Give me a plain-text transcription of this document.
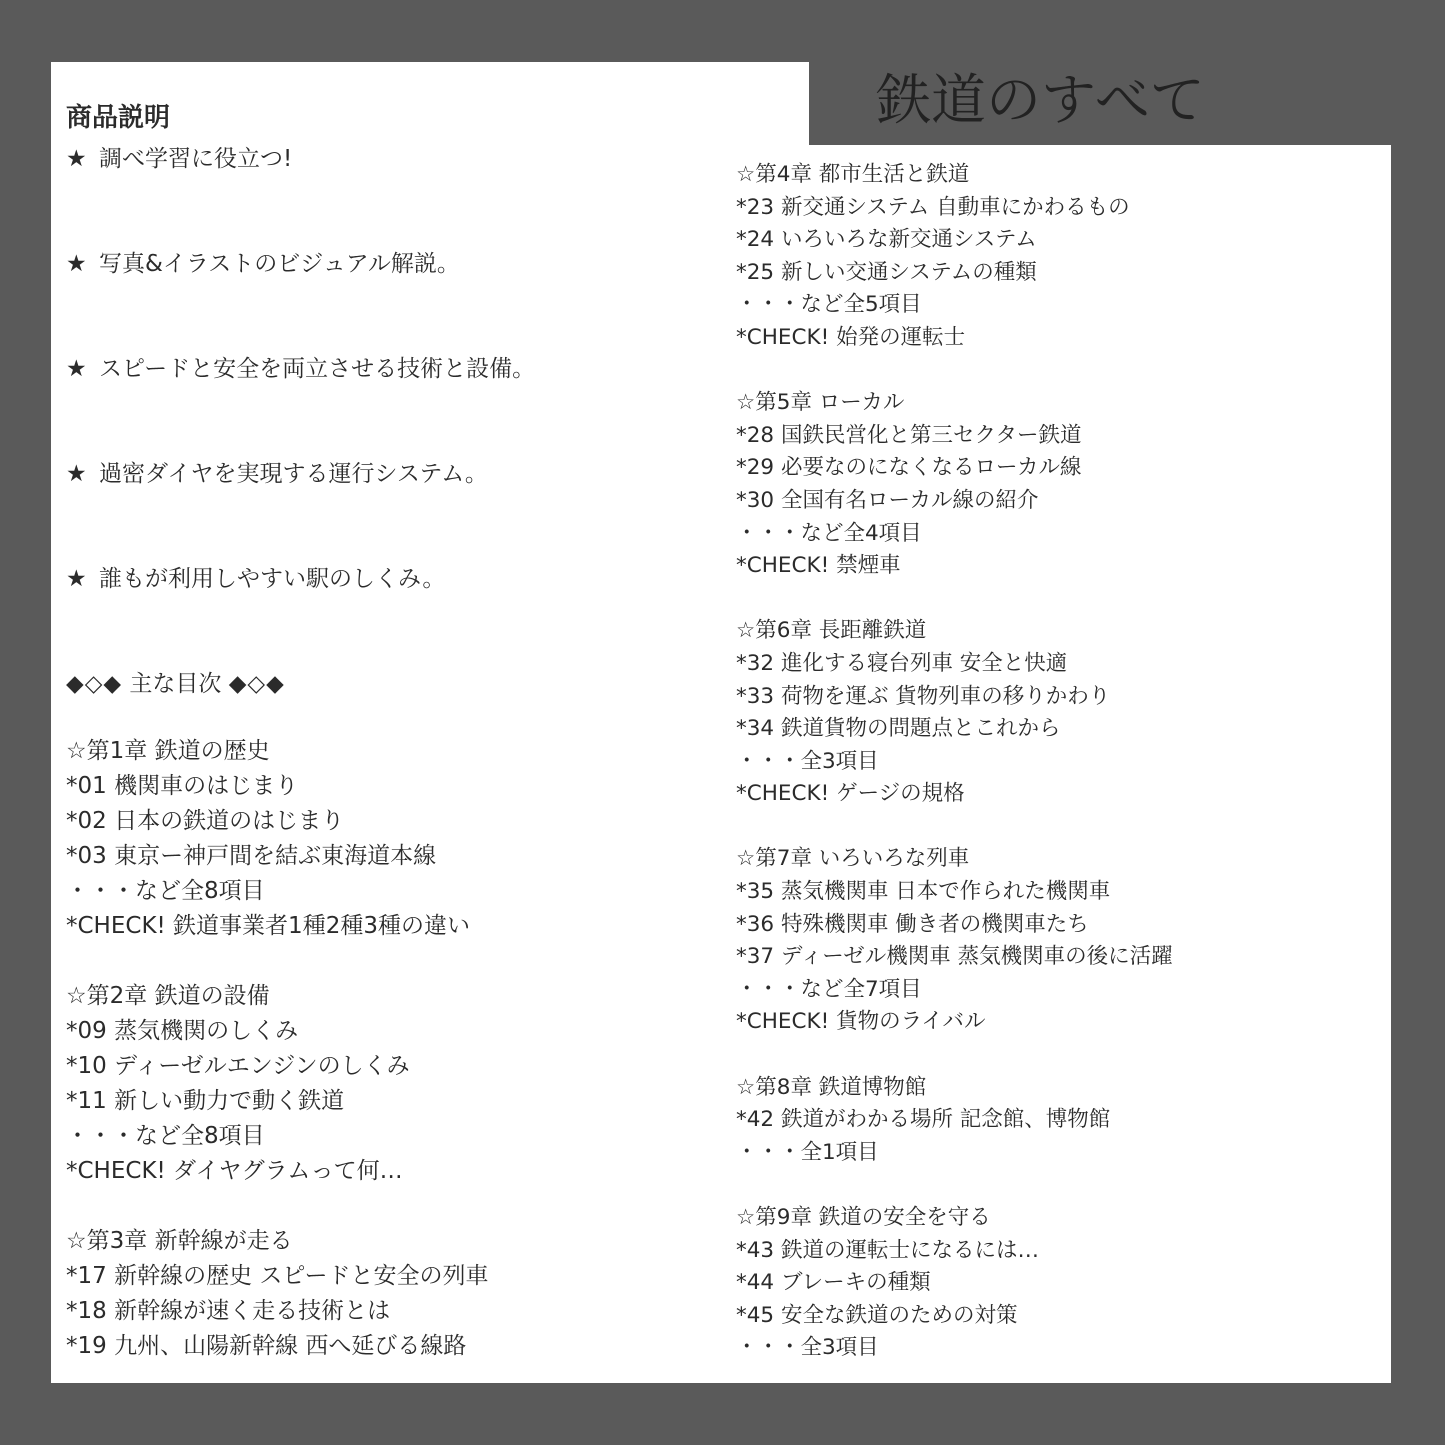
鉄道のすべて
商品説明
★ 調べ学習に役立つ!
★ 写真&イラストのビジュアル解説。
★ スピードと安全を両立させる技術と設備。
★ 過密ダイヤを実現する運行システム。
★ 誰もが利用しやすい駅のしくみ。
◆◇◆ 主な目次 ◆◇◆
☆第1章 鉄道の歴史
*01 機関車のはじまり
*02 日本の鉄道のはじまり
*03 東京ー神戸間を結ぶ東海道本線
・・・など全8項目
*CHECK! 鉄道事業者1種2種3種の違い
☆第2章 鉄道の設備
*09 蒸気機関のしくみ
*10 ディーゼルエンジンのしくみ
*11 新しい動力で動く鉄道
・・・など全8項目
*CHECK! ダイヤグラムって何…
☆第3章 新幹線が走る
*17 新幹線の歴史 スピードと安全の列車
*18 新幹線が速く走る技術とは
*19 九州、山陽新幹線 西へ延びる線路
☆第4章 都市生活と鉄道
*23 新交通システム 自動車にかわるもの
*24 いろいろな新交通システム
*25 新しい交通システムの種類
・・・など全5項目
*CHECK! 始発の運転士
☆第5章 ローカル
*28 国鉄民営化と第三セクター鉄道
*29 必要なのになくなるローカル線
*30 全国有名ローカル線の紹介
・・・など全4項目
*CHECK! 禁煙車
☆第6章 長距離鉄道
*32 進化する寝台列車 安全と快適
*33 荷物を運ぶ 貨物列車の移りかわり
*34 鉄道貨物の問題点とこれから
・・・全3項目
*CHECK! ゲージの規格
☆第7章 いろいろな列車
*35 蒸気機関車 日本で作られた機関車
*36 特殊機関車 働き者の機関車たち
*37 ディーゼル機関車 蒸気機関車の後に活躍
・・・など全7項目
*CHECK! 貨物のライバル
☆第8章 鉄道博物館
*42 鉄道がわかる場所 記念館、博物館
・・・全1項目
☆第9章 鉄道の安全を守る
*43 鉄道の運転士になるには…
*44 ブレーキの種類
*45 安全な鉄道のための対策
・・・全3項目
